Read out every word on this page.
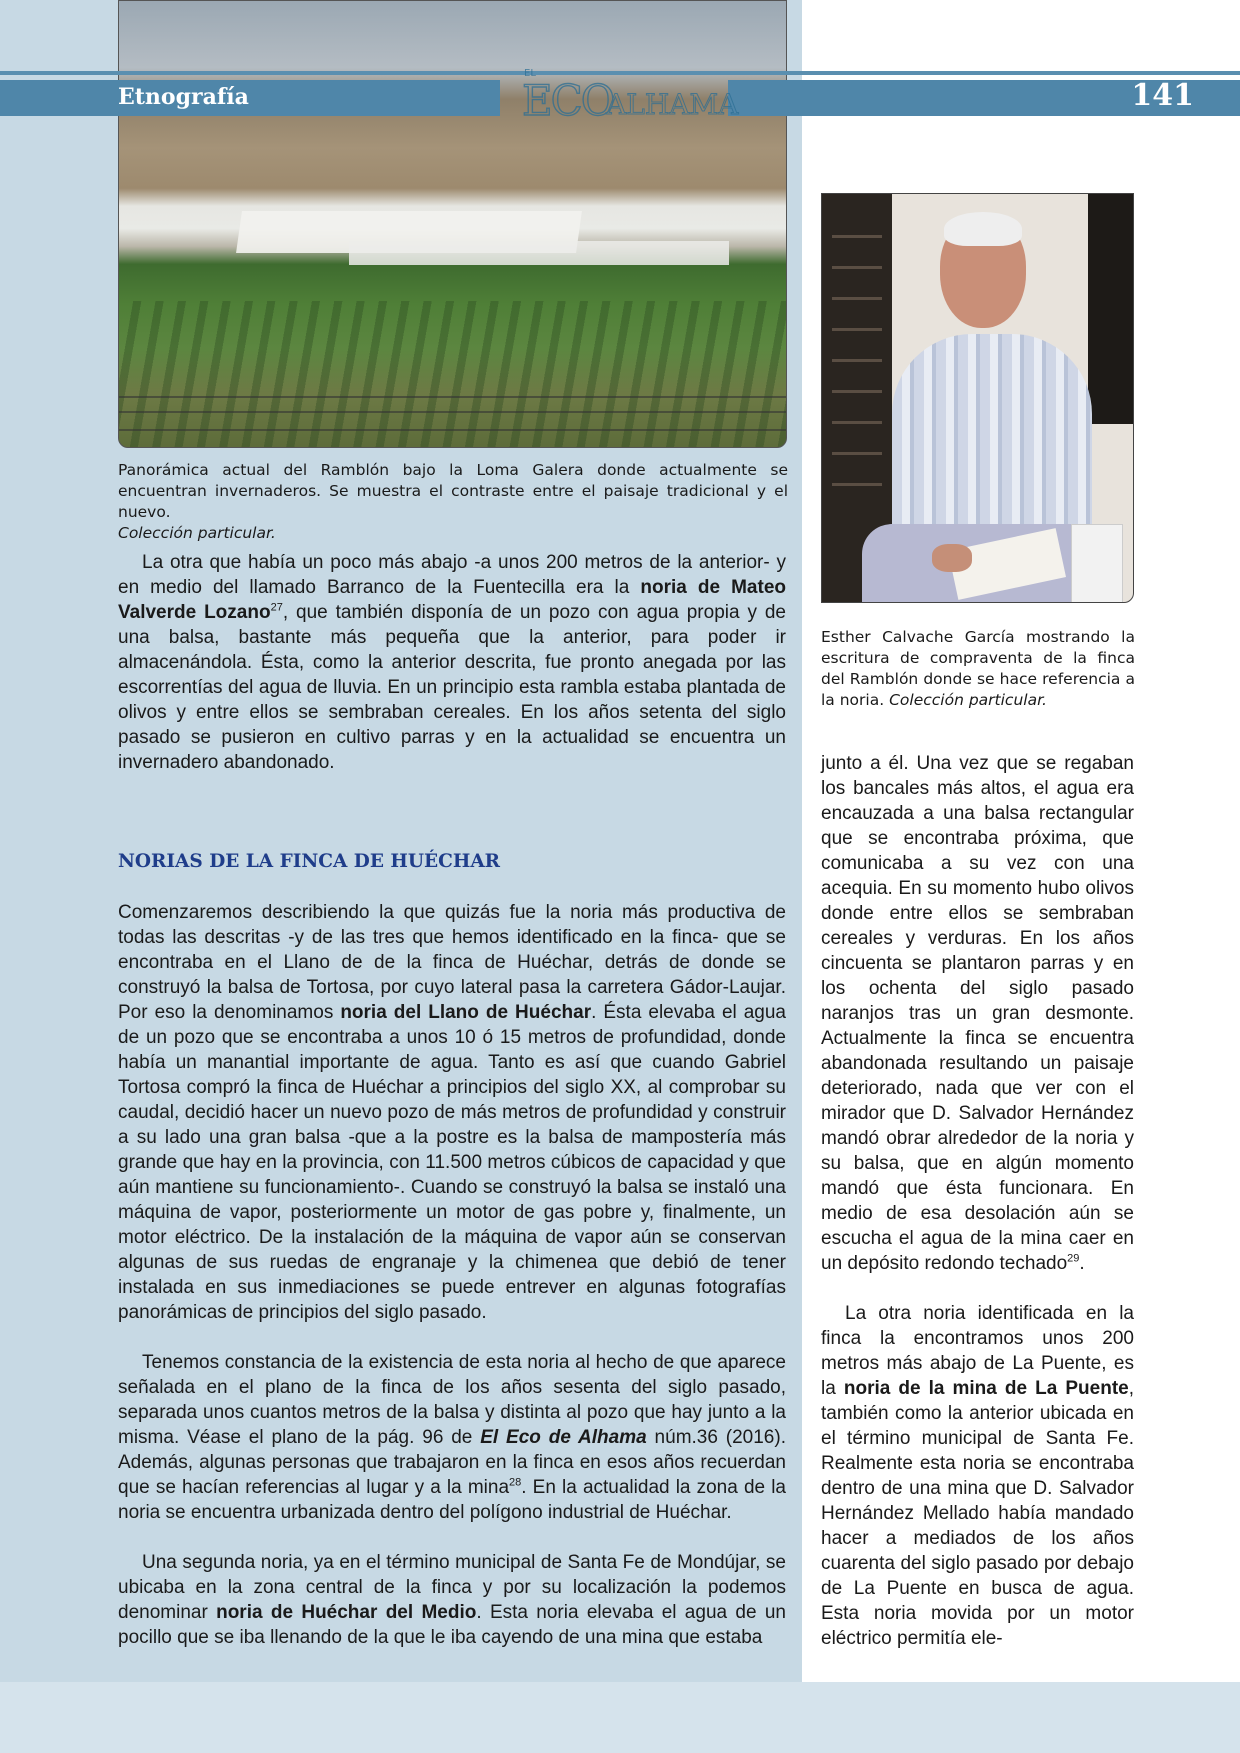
Etnografía	141
EL
ECO
ALHAMA
Panorámica actual del Ramblón bajo la Loma Galera donde actualmente se encuentran invernaderos. Se muestra el contraste entre el paisaje tradicional y el nuevo.
Colección particular.
Esther Calvache García mostrando la escritura de compraventa de la finca del Ramblón donde se hace referencia a la noria. Colección particular.

La otra que había un poco más abajo -a unos 200 metros de la anterior- y en medio del llamado Barranco de la Fuentecilla era la noria de Mateo Valverde Lozano$^{27}$, que también disponía de un pozo con agua propia y de una balsa, bastante más pequeña que la anterior, para poder ir almacenándola. Ésta, como la anterior descrita, fue pronto anegada por las escorrentías del agua de lluvia. En un principio esta rambla estaba plantada de olivos y entre ellos se sembraban cereales. En los años setenta del siglo pasado se pusieron en cultivo parras y en la actualidad se encuentra un invernadero abandonado.

NORIAS DE LA FINCA DE HUÉCHAR

Comenzaremos describiendo la que quizás fue la noria más productiva de todas las descritas -y de las tres que hemos identificado en la finca- que se encontraba en el Llano de de la finca de Huéchar, detrás de donde se construyó la balsa de Tortosa, por cuyo lateral pasa la carretera Gádor-Laujar. Por eso la denominamos noria del Llano de Huéchar. Ésta elevaba el agua de un pozo que se encontraba a unos 10 ó 15 metros de profundidad, donde había un manantial importante de agua. Tanto es así que cuando Gabriel Tortosa compró la finca de Huéchar a principios del siglo XX, al comprobar su caudal, decidió hacer un nuevo pozo de más metros de profundidad y construir a su lado una gran balsa -que a la postre es la balsa de mampostería más grande que hay en la provincia, con 11.500 metros cúbicos de capacidad y que aún mantiene su funcionamiento-. Cuando se construyó la balsa se instaló una máquina de vapor, posteriormente un motor de gas pobre y, finalmente, un motor eléctrico. De la instalación de la máquina de vapor aún se conservan algunas de sus ruedas de engranaje y la chimenea que debió de tener instalada en sus inmediaciones se puede entrever en algunas fotografías panorámicas de principios del siglo pasado.

Tenemos constancia de la existencia de esta noria al hecho de que aparece señalada en el plano de la finca de los años sesenta del siglo pasado, separada unos cuantos metros de la balsa y distinta al pozo que hay junto a la misma. Véase el plano de la pág. 96 de El Eco de Alhama núm.36 (2016). Además, algunas personas que trabajaron en la finca en esos años recuerdan que se hacían referencias al lugar y a la mina$^{28}$. En la actualidad la zona de la noria se encuentra urbanizada dentro del polígono industrial de Huéchar.

Una segunda noria, ya en el término municipal de Santa Fe de Mondújar, se ubicaba en la zona central de la finca y por su localización la podemos denominar noria de Huéchar del Medio. Esta noria elevaba el agua de un pocillo que se iba llenando de la que le iba cayendo de una mina que estaba

junto a él. Una vez que se regaban los bancales más altos, el agua era encauzada a una balsa rectangular que se encontraba próxima, que comunicaba a su vez con una acequia. En su momento hubo olivos donde entre ellos se sembraban cereales y verduras. En los años cincuenta se plantaron parras y en los ochenta del siglo pasado naranjos tras un gran desmonte. Actualmente la finca se encuentra abandonada resultando un paisaje deteriorado, nada que ver con el mirador que D. Salvador Hernández mandó obrar alrededor de la noria y su balsa, que en algún momento mandó que ésta funcionara. En medio de esa desolación aún se escucha el agua de la mina caer en un depósito redondo techado$^{29}$.

La otra noria identificada en la finca la encontramos unos 200 metros más abajo de La Puente, es la noria de la mina de La Puente, también como la anterior ubicada en el término municipal de Santa Fe. Realmente esta noria se encontraba dentro de una mina que D. Salvador Hernández Mellado había mandado hacer a mediados de los años cuarenta del siglo pasado por debajo de La Puente en busca de agua. Esta noria movida por un motor eléctrico permitía ele-
